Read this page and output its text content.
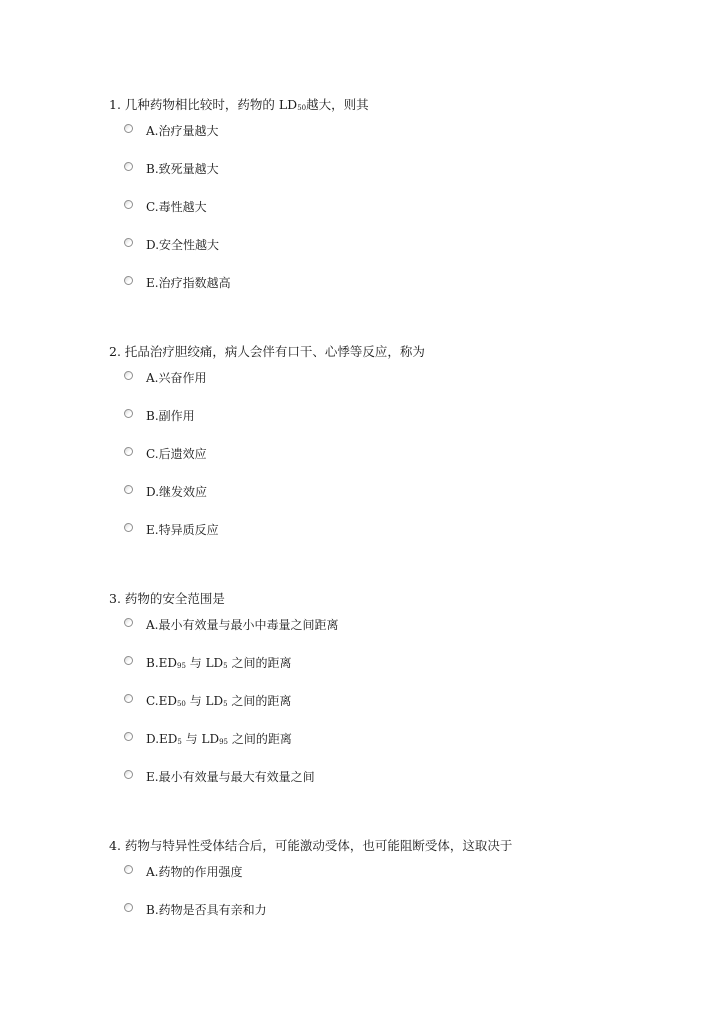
1. 几种药物相比较时，药物的 $LD_{50}$越大，则其

A.治疗量越大
B.致死量越大
C.毒性越大
D.安全性越大
E.治疗指数越高

2. 托品治疗胆绞痛，病人会伴有口干、心悸等反应，称为

A.兴奋作用
B.副作用
C.后遗效应
D.继发效应
E.特异质反应

3. 药物的安全范围是

A.最小有效量与最小中毒量之间距离
$B.ED_{95}$ 与 $LD_5$ 之间的距离
$C.ED_{50}$ 与 $LD_5$ 之间的距离
$D.ED_5$ 与 $LD_{95}$ 之间的距离
E.最小有效量与最大有效量之间

4. 药物与特异性受体结合后，可能激动受体，也可能阻断受体，这取决于

A.药物的作用强度
B.药物是否具有亲和力
